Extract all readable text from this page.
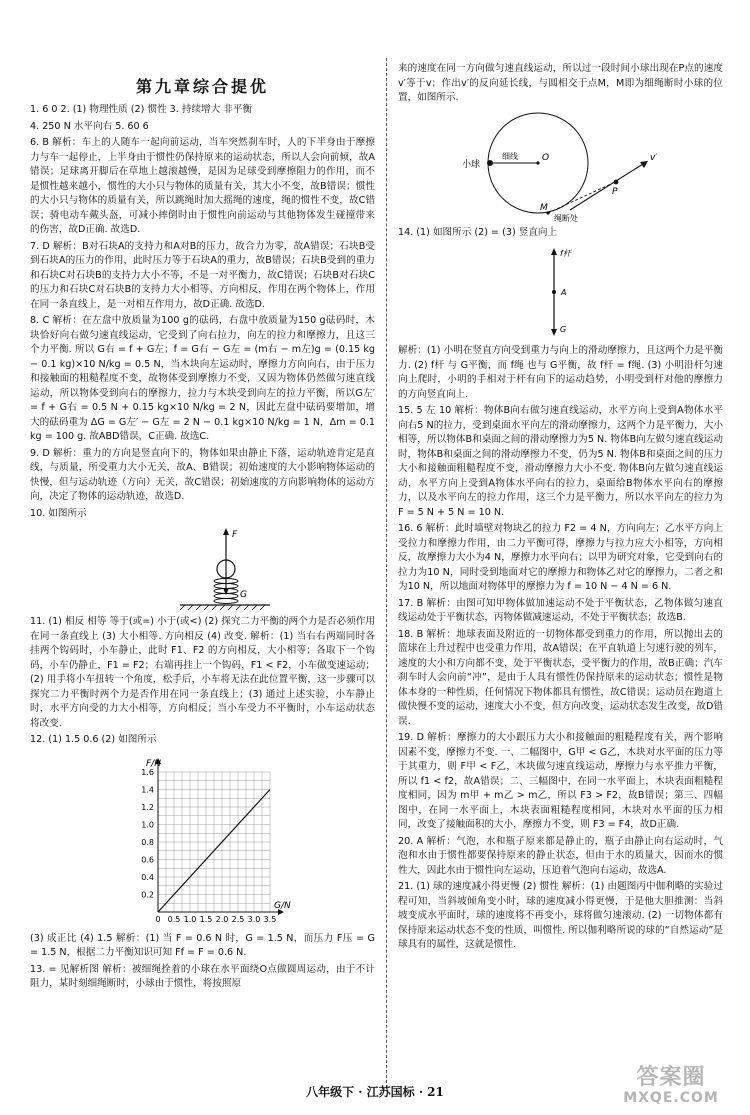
第九章综合提优

1. 6 0 2. (1) 物理性质 (2) 惯性 3. 持续增大 非平衡

4. 250 N 水平向右 5. 60 6

6. B 解析：车上的人随车一起向前运动，当车突然刹车时，人的下半身由于摩擦力与车一起停止，上半身由于惯性仍保持原来的运动状态，所以人会向前倾，故A错误；足球离开脚后在草地上越滚越慢，是因为足球受到摩擦阻力的作用，而不是惯性越来越小，惯性的大小只与物体的质量有关，其大小不变，故B错误；惯性的大小只与物体的质量有关，所以跳绳时加大摇绳的速度，绳的惯性不变，故C错误；骑电动车戴头盔，可减小摔倒时由于惯性向前运动与其他物体发生碰撞带来的伤害，故D正确. 故选D.

7. D 解析：B对石块A的支持力和A对B的压力，故合力为零，故A错误；石块B受到石块A的压力的作用，此时压力等于石块A的重力，故B错误；石块B受到的重力和石块C对石块B的支持力大小不等，不是一对平衡力，故C错误；石块B对石块C的压力和石块C对石块B的支持力大小相等、方向相反，作用在两个物体上，作用在同一条直线上，是一对相互作用力，故D正确. 故选D.

8. C 解析：在左盘中放质量为100 g的砝码，右盘中放质量为150 g砝码时，木块恰好向右做匀速直线运动，它受到了向右拉力，向左的拉力和摩擦力，且这三个力平衡. 所以 G右 = f + G左；f = G右 − G左 = (m右 − m左)g = (0.15 kg − 0.1 kg)×10 N/kg = 0.5 N，当木块向左运动时，摩擦力方向向右，由于压力和接触面的粗糙程度不变，故物体受到摩擦力不变，又因为物体仍然做匀速直线运动，所以物体受到向右的摩擦力，拉力与木块受到向左的拉力平衡，所以G左′ = f + G右 = 0.5 N + 0.15 kg×10 N/kg = 2 N，因此左盘中砝码要增加，增大的砝码重为 ΔG = G左′ − G左 = 2 N − 0.1 kg×10 N/kg = 1 N，Δm = 0.1 kg = 100 g. 故ABD错误，C正确. 故选C.

9. D 解析：重力的方向是竖直向下的，物体如果由静止下落，运动轨迹肯定是直线，与质量，所受重力大小无关，故A、B错误；初始速度的大小影响物体运动的快慢，但与运动轨迹（方向）无关，故C错误；初始速度的方向影响物体的运动方向，决定了物体的运动轨迹，故选D.

10. 如图所示

F
G

11. (1) 相反 相等 等于(或=) 小于(或<) (2) 探究二力平衡的两个力是否必须作用在同一条直线上 (3) 大小相等. 方向相反 (4) 改变. 解析：(1) 当右右两端同时各挂两个钩码时，小车静止，此时 F1、F2 的方向相反，大小相等；各取下一个钩码，小车仍静止，F1 = F2；右端再挂上一个钩码，F1 < F2，小车做变速运动；(2) 用手将小车扭转一个角度，松手后，小车将无法在此位置平衡，这一步骤可以探究二力平衡时两个力是否作用在同一条直线上；(3) 通过上述实验，小车静止时，水平方向受的力大小相等，方向相反；当小车受力不平衡时，小车运动状态将改变.

12. (1) 1.5 0.6 (2) 如图所示

0 0.5 1.0 1.5 2.0 2.5 3.0 3.5
0.2
0.4
0.6
0.8
1.0
1.2
1.4
1.6
F/N
G/N

(3) 成正比 (4) 1.5 解析：(1) 当 F = 0.6 N 时，G = 1.5 N，而压力 F压 = G = 1.5 N，根据二力平衡知识可知 Ff = F = 0.6 N.

13. = 见解析图 解析：被细绳拴着的小球在水平面绕O点做圆周运动，由于不计阻力，某时刻细绳断时，小球由于惯性，将按照原

来的速度在同一方向做匀速直线运动，所以过一段时间小球出现在P点的速度v′等于v；作出v′的反向延长线，与圆相交于点M，M即为细绳断时小球的位置，如图所示.

小球
细线	O
P
v′
M
绳断处

14. (1) 如图所示 (2) = (3) 竖直向上

f杆
A
G

解析：(1) 小明在竖直方向受到重力与向上的滑动摩擦力，且这两个力是平衡力. (2) f杆 与 G平衡，而 f绳 也与 G平衡，故 f杆 = f绳. (3) 小明沿杆匀速向上爬时，小明的手相对于杆有向下的运动趋势，小明受到杆对他的摩擦力的方向竖直向上.

15. 5 左 10 解析：物体B向右做匀速直线运动，水平方向上受到A物体水平向右5 N的拉力，受到桌面水平向左的滑动摩擦力，这两个力是平衡力，大小相等，所以物体B和桌面之间的滑动摩擦力为5 N. 物体B向左做匀速直线运动时，物体B和桌面之间的滑动摩擦力不变，仍为5 N. 物体B和桌面之间的压力大小和接触面粗糙程度不变，滑动摩擦力大小不变. 物体B向左做匀速直线运动，水平方向上受到A物体水平向右的拉力，桌面给B物体水平向右的摩擦力，以及水平向左的拉力作用，这三个力是平衡力，所以水平向左的拉力为 F = 5 N + 5 N = 10 N.

16. 6 解析：此时墙壁对物块乙的拉力 F2 = 4 N，方向向左；乙水平方向上受拉力和摩擦力作用，由二力平衡可得，摩擦力与拉力应大小相等，方向相反，故摩擦力大小为4 N，摩擦力水平向右；以甲为研究对象，它受到向右的拉力为10 N，同时受到地面对它的摩擦力和物体乙对它的摩擦力，二者之和为10 N，所以地面对物体甲的摩擦力为 f = 10 N − 4 N = 6 N.

17. B 解析：由图可知甲物体做加速运动不处于平衡状态，乙物体做匀速直线运动处于平衡状态，丙物体做减速运动，不处于平衡状态；故选B.

18. B 解析：地球表面及附近的一切物体都受到重力的作用，所以抛出去的篮球在上升过程中也受重力作用，故A错误；在平直轨道上匀速行驶的列车，速度的大小和方向都不变，处于平衡状态，受平衡力的作用，故B正确；汽车刹车时人会向前“冲”，是由于人具有惯性仍保持原来的运动状态；惯性是物体本身的一种性质，任何情况下物体都具有惯性，故C错误；运动员在跑道上做快慢不变的运动，速度大小不变，但方向改变，运动状态发生改变，故D错误.

19. D 解析：摩擦力的大小跟压力大小和接触面的粗糙程度有关，两个影响因素不变，摩擦力不变. 一、二幅图中，G甲 < G乙，木块对水平面的压力等于其重力，则 F甲 < F乙，木块做匀速直线运动，摩擦力与水平推力平衡，所以 f1 < f2，故A错误；二、三幅图中，在同一水平面上，木块表面粗糙程度相同，因为 m甲 + m乙 > m乙，所以 F3 > F2，故B错误；第三、四幅图中，在同一水平面上，木块表面粗糙程度相同，木块对水平面的压力相同，改变了接触面积的大小，摩擦力不变，则 F3 = F4，故D正确.

20. A 解析：气泡，水和瓶子原来都是静止的，瓶子由静止向右运动时，气泡和水由于惯性都要保持原来的静止状态，但由于水的质量大，因而水的惯性大，因此水由于惯性向左运动，压迫着气泡向右运动，故选A.

21. (1) 球的速度减小得更慢 (2) 惯性 解析：(1) 由题图丙中伽利略的实验过程可知，当斜坡倾角变小时，球的速度减小得更慢，于是他大胆推测：当斜坡变成水平面时，球的速度将不再变小，球将做匀速滚动. (2) 一切物体都有保持原来运动状态不变的性质，叫惯性. 所以伽利略所说的球的“自然运动”是球具有的属性，这就是惯性.

八年级下 · 江苏国标 · 21
答案圈
MXQE.COM
